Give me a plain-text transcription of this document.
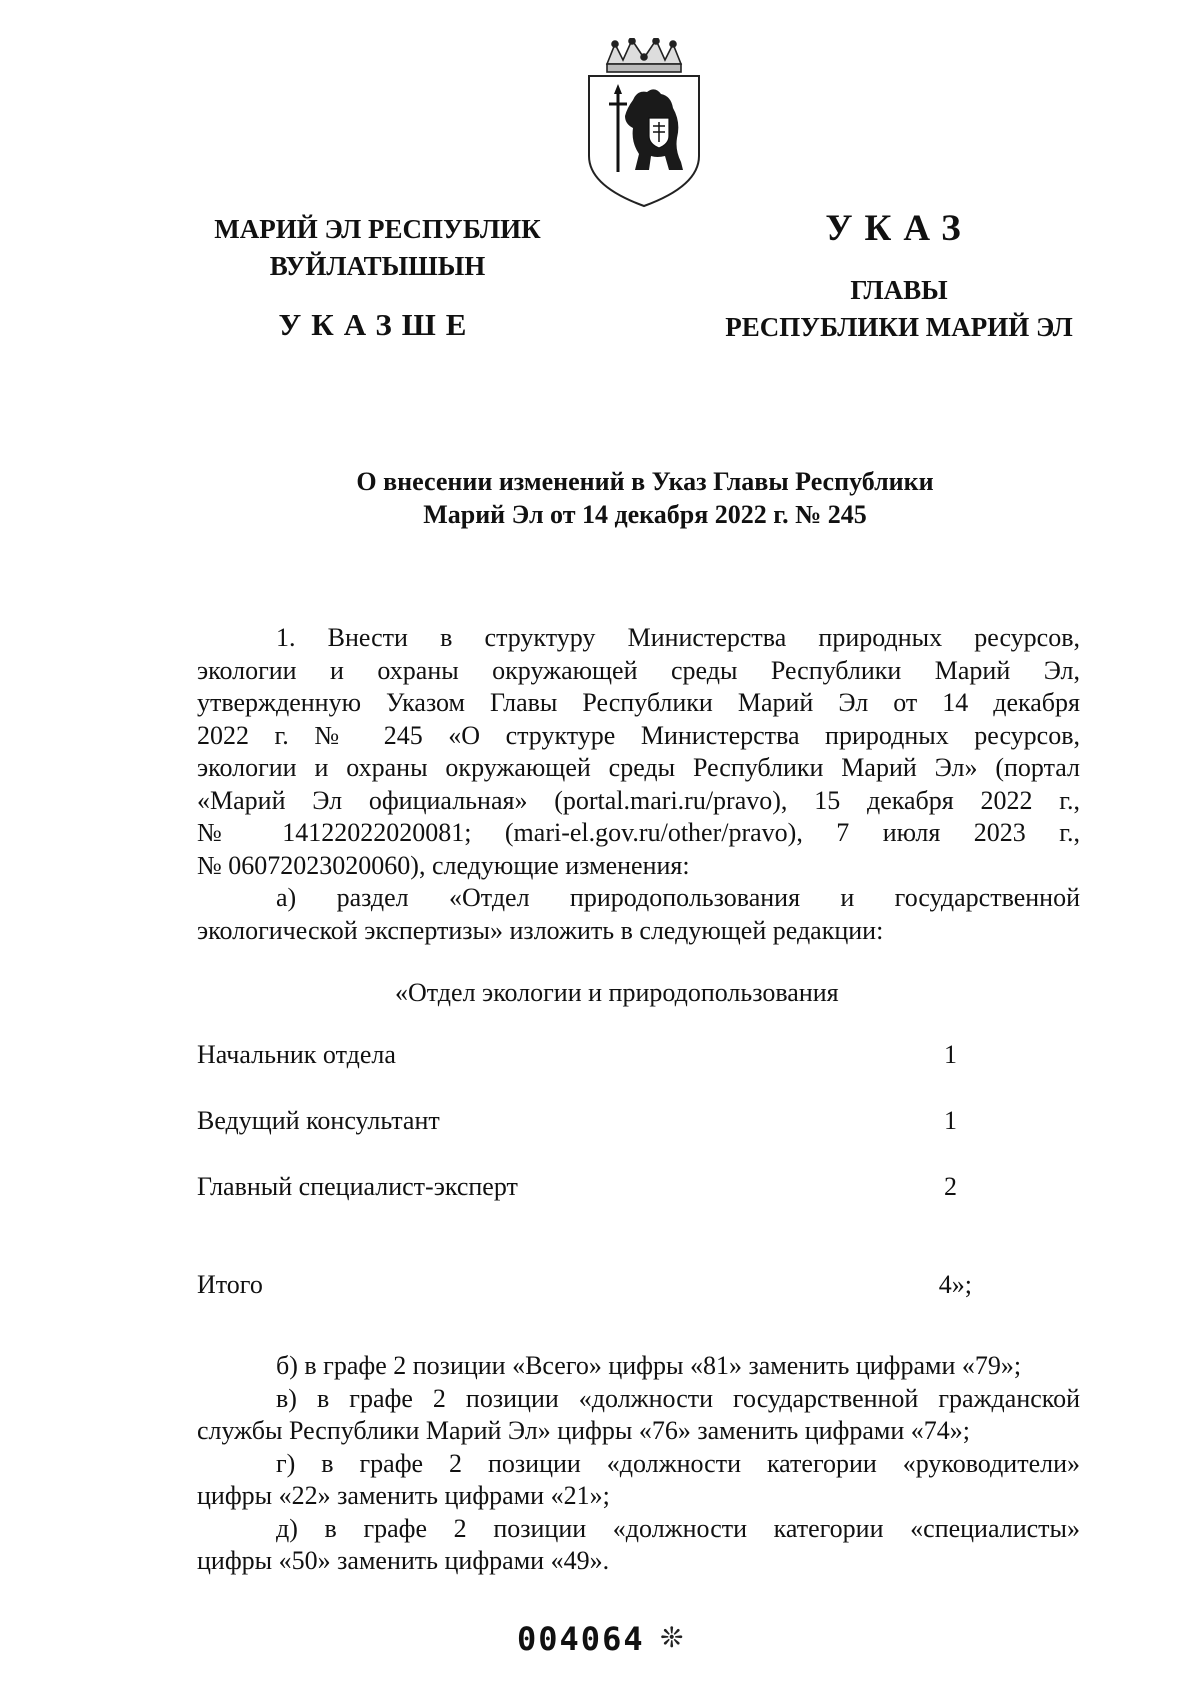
МАРИЙ ЭЛ РЕСПУБЛИК
ВУЙЛАТЫШЫН
УКАЗШЕ
УКАЗ
ГЛАВЫ
РЕСПУБЛИКИ МАРИЙ ЭЛ
О внесении изменений в Указ Главы Республики
Марий Эл от 14 декабря 2022 г. № 245

1. Внести в структуру Министерства природных ресурсов,

экологии и охраны окружающей среды Республики Марий Эл,

утвержденную Указом Главы Республики Марий Эл от 14 декабря

2022 г. № 245 «О структуре Министерства природных ресурсов,

экологии и охраны окружающей среды Республики Марий Эл» (портал

«Марий Эл официальная» (portal.mari.ru/pravo), 15 декабря 2022 г.,

№ 14122022020081; (mari-el.gov.ru/other/pravo), 7 июля 2023 г.,

№ 06072023020060), следующие изменения:

а) раздел «Отдел природопользования и государственной

экологической экспертизы» изложить в следующей редакции:

«Отдел экологии и природопользования
Начальник отдела	1
Ведущий консультант	1
Главный специалист-эксперт	2
Итого	4»;

б) в графе 2 позиции «Всего» цифры «81» заменить цифрами «79»;

в) в графе 2 позиции «должности государственной гражданской

службы Республики Марий Эл» цифры «76» заменить цифрами «74»;

г) в графе 2 позиции «должности категории «руководители»

цифры «22» заменить цифрами «21»;

д) в графе 2 позиции «должности категории «специалисты»

цифры «50» заменить цифрами «49».

004064 ❊
